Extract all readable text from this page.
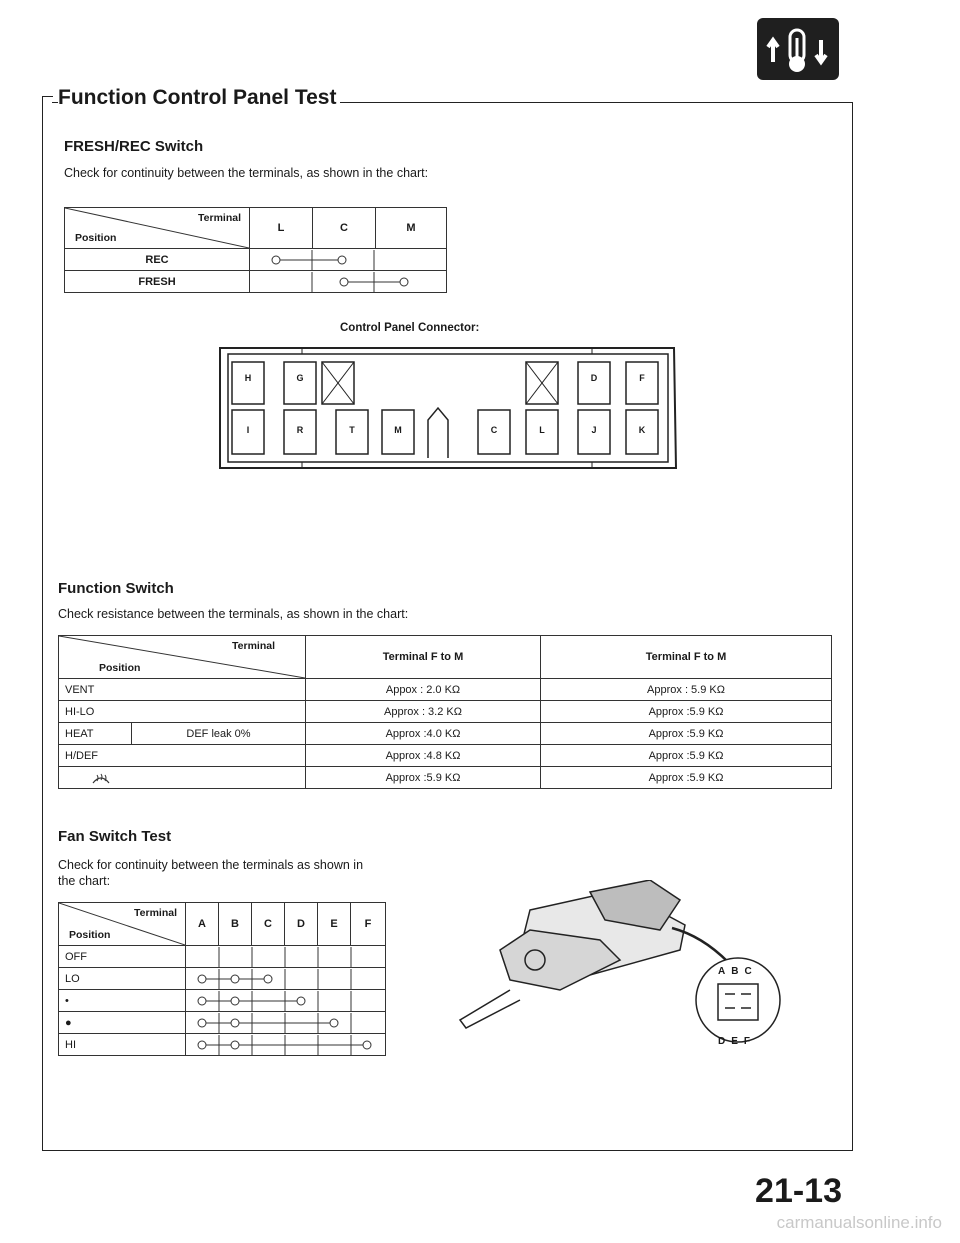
Function Control Panel Test
FRESH/REC Switch
Check for continuity between the terminals, as shown in the chart:
Terminal
Position	L	C	M
REC	

FRESH	
Control Panel Connector:
H	G	D	F
I	R	T	M	C	L	J	K
Function Switch
Check resistance between the terminals, as shown in the chart:
Terminal
Position		Terminal F to M	Terminal F to M
VENT		Appox : 2.0 KΩ	Approx : 5.9 KΩ
HI-LO		Approx : 3.2 KΩ	Approx :5.9 KΩ
HEAT	DEF leak 0%	Approx :4.0 KΩ	Approx :5.9 KΩ
H/DEF		Approx :4.8 KΩ	Approx :5.9 KΩ

	Approx :5.9 KΩ	Approx :5.9 KΩ
Fan Switch Test
Check for continuity between the terminals as shown in
the chart:
Terminal
Position	A	B	C	D	E	F
OFF	

LO	

•	

●	

HI	
ABC
DEF
21-13
carmanualsonline.info
